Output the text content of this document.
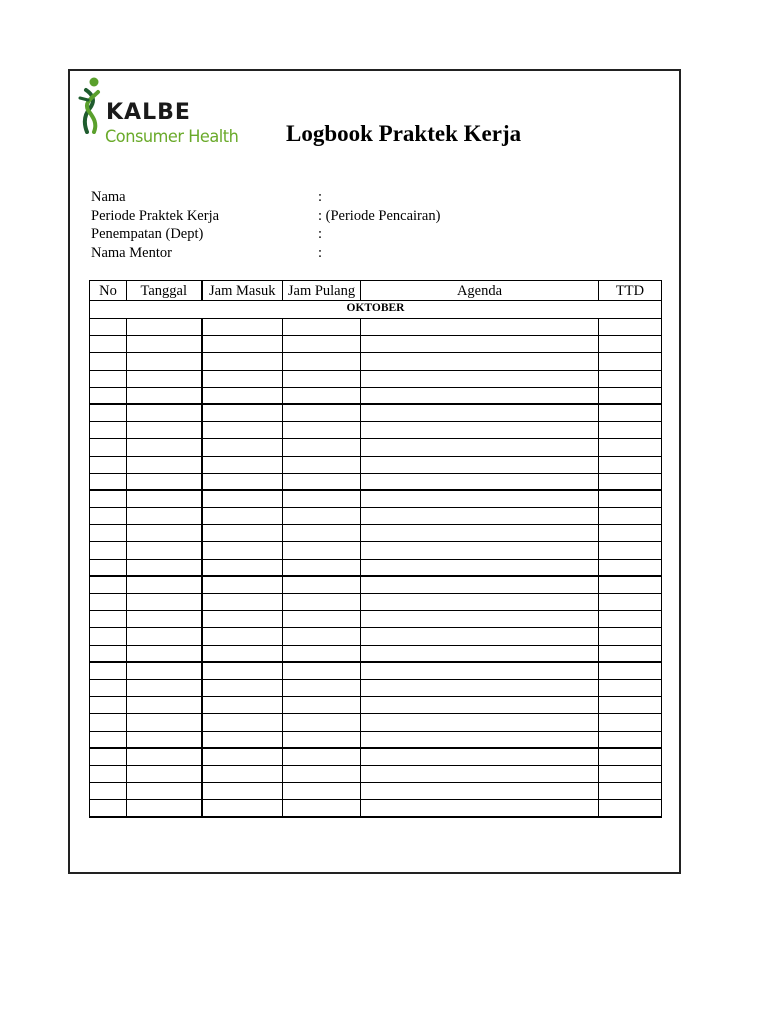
KALBE
Consumer Health Logbook Praktek Kerja
Nama	:
Periode Praktek Kerja	: (Periode Pencairan)
Penempatan (Dept)	:
Nama Mentor	:
No	Tanggal	Jam Masuk	Jam Pulang	Agenda	TTD
OKTOBER					
